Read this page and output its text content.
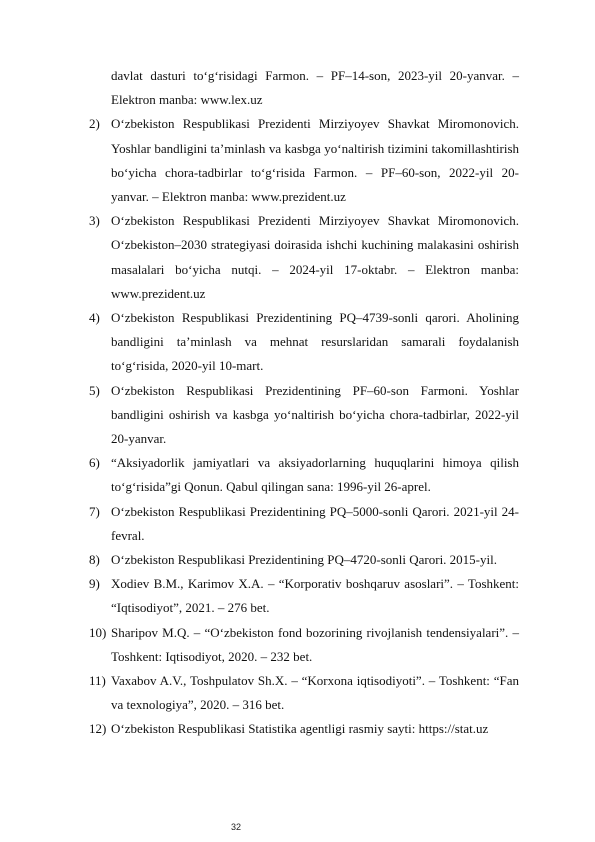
davlat dasturi to‘g‘risidagi Farmon. – PF–14-son, 2023-yil 20-yanvar. – Elektron manba: www.lex.uz
2) O‘zbekiston Respublikasi Prezidenti Mirziyoyev Shavkat Miromonovich. Yoshlar bandligini ta’minlash va kasbga yo‘naltirish tizimini takomillashtirish bo‘yicha chora-tadbirlar to‘g‘risida Farmon. – PF–60-son, 2022-yil 20-yanvar. – Elektron manba: www.prezident.uz
3) O‘zbekiston Respublikasi Prezidenti Mirziyoyev Shavkat Miromonovich. O‘zbekiston–2030 strategiyasi doirasida ishchi kuchining malakasini oshirish masalalari bo‘yicha nutqi. – 2024-yil 17-oktabr. – Elektron manba: www.prezident.uz
4) O‘zbekiston Respublikasi Prezidentining PQ–4739-sonli qarori. Aholining bandligini ta’minlash va mehnat resurslaridan samarali foydalanish to‘g‘risida, 2020-yil 10-mart.
5) O‘zbekiston Respublikasi Prezidentining PF–60-son Farmoni. Yoshlar bandligini oshirish va kasbga yo‘naltirish bo‘yicha chora-tadbirlar, 2022-yil 20-yanvar.
6) “Aksiyadorlik jamiyatlari va aksiyadorlarning huquqlarini himoya qilish to‘g‘risida”gi Qonun. Qabul qilingan sana: 1996-yil 26-aprel.
7) O‘zbekiston Respublikasi Prezidentining PQ–5000-sonli Qarori. 2021-yil 24-fevral.
8) O‘zbekiston Respublikasi Prezidentining PQ–4720-sonli Qarori. 2015-yil.
9) Xodiev B.M., Karimov X.A. – “Korporativ boshqaruv asoslari”. – Toshkent: “Iqtisodiyot”, 2021. – 276 bet.
10) Sharipov M.Q. – “O‘zbekiston fond bozorining rivojlanish tendensiyalari”. – Toshkent: Iqtisodiyot, 2020. – 232 bet.
11) Vaxabov A.V., Toshpulatov Sh.X. – “Korxona iqtisodiyoti”. – Toshkent: “Fan va texnologiya”, 2020. – 316 bet.
12) O‘zbekiston Respublikasi Statistika agentligi rasmiy sayti: https://stat.uz
32
